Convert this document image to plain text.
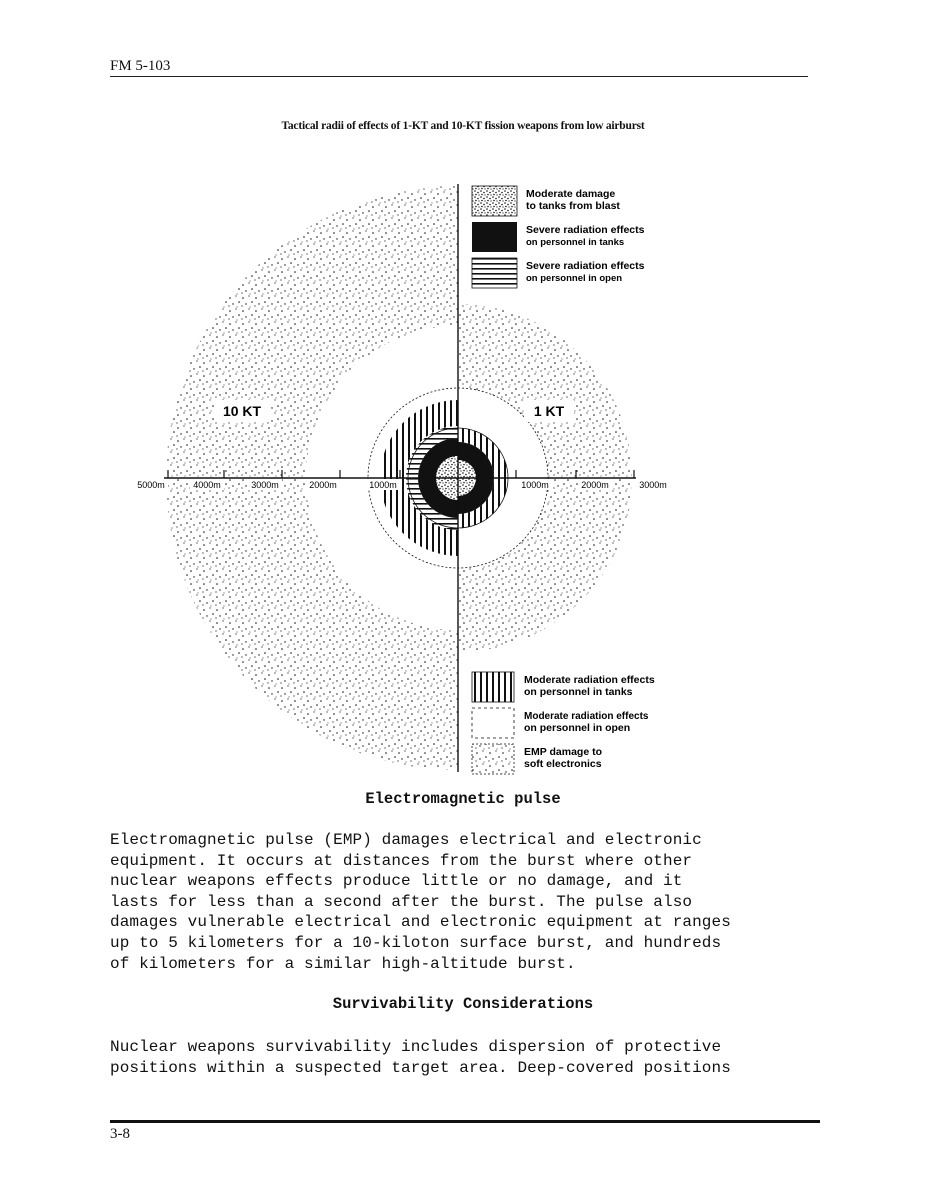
FM 5-103
Tactical radii of effects of 1-KT and 10-KT fission weapons from low airburst
5000m	4000m	3000m	2000m	1000m	1000m	2000m	3000m
10 KT	1 KT
Moderate damage
to tanks from blast
Severe radiation effects
on personnel in tanks
Severe radiation effects
on personnel in open
Moderate radiation effects
on personnel in tanks
Moderate radiation effects
on personnel in open
EMP damage to
soft electronics
Electromagnetic pulse
Electromagnetic pulse (EMP) damages electrical and electronic
equipment. It occurs at distances from the burst where other
nuclear weapons effects produce little or no damage, and it
lasts for less than a second after the burst. The pulse also
damages vulnerable electrical and electronic equipment at ranges
up to 5 kilometers for a 10-kiloton surface burst, and hundreds
of kilometers for a similar high-altitude burst.
Survivability Considerations
Nuclear weapons survivability includes dispersion of protective
positions within a suspected target area. Deep-covered positions
3-8
